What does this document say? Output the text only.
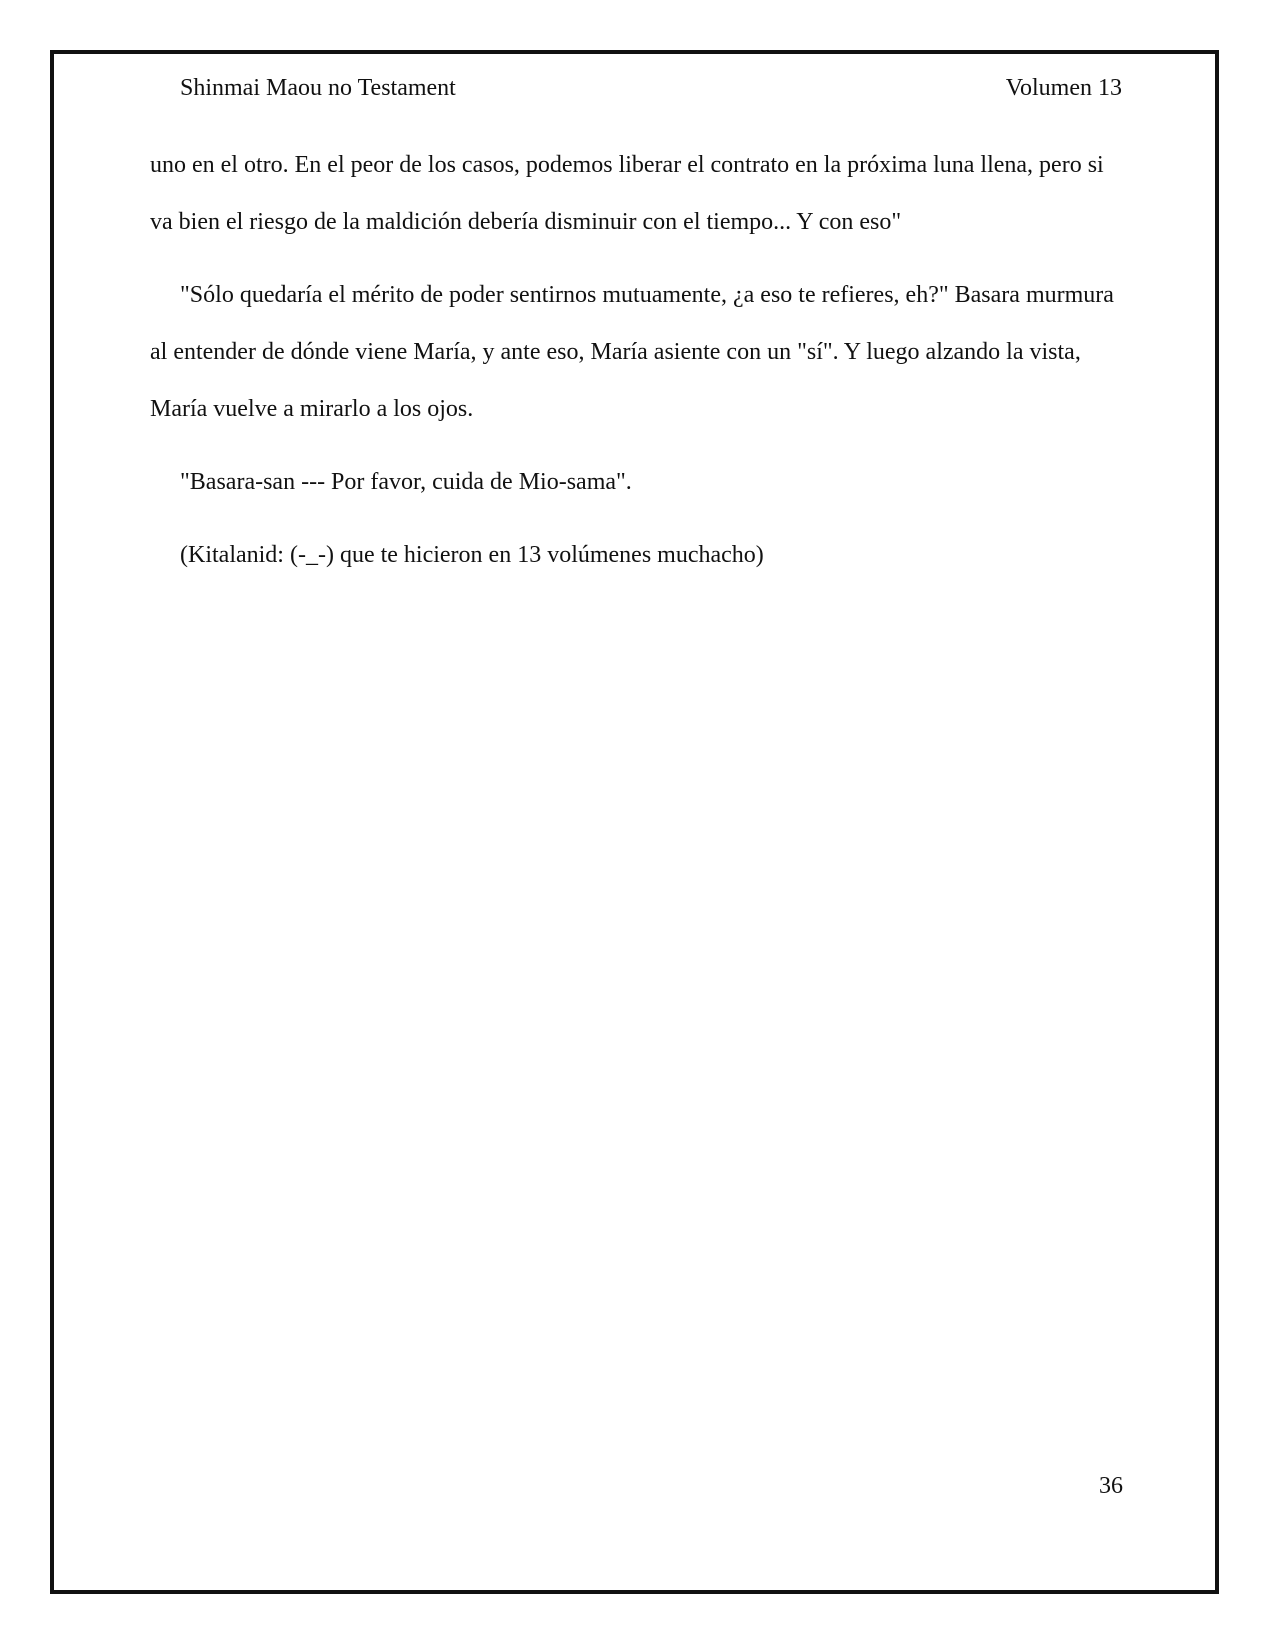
Shinmai Maou no Testament	Volumen 13

uno en el otro. En el peor de los casos, podemos liberar el contrato en la próxima luna llena, pero si va bien el riesgo de la maldición debería disminuir con el tiempo... Y con eso"

"Sólo quedaría el mérito de poder sentirnos mutuamente, ¿a eso te refieres, eh?" Basara murmura al entender de dónde viene María, y ante eso, María asiente con un "sí". Y luego alzando la vista, María vuelve a mirarlo a los ojos.

"Basara-san --- Por favor, cuida de Mio-sama".

(Kitalanid: (-_-) que te hicieron en 13 volúmenes muchacho)

36
